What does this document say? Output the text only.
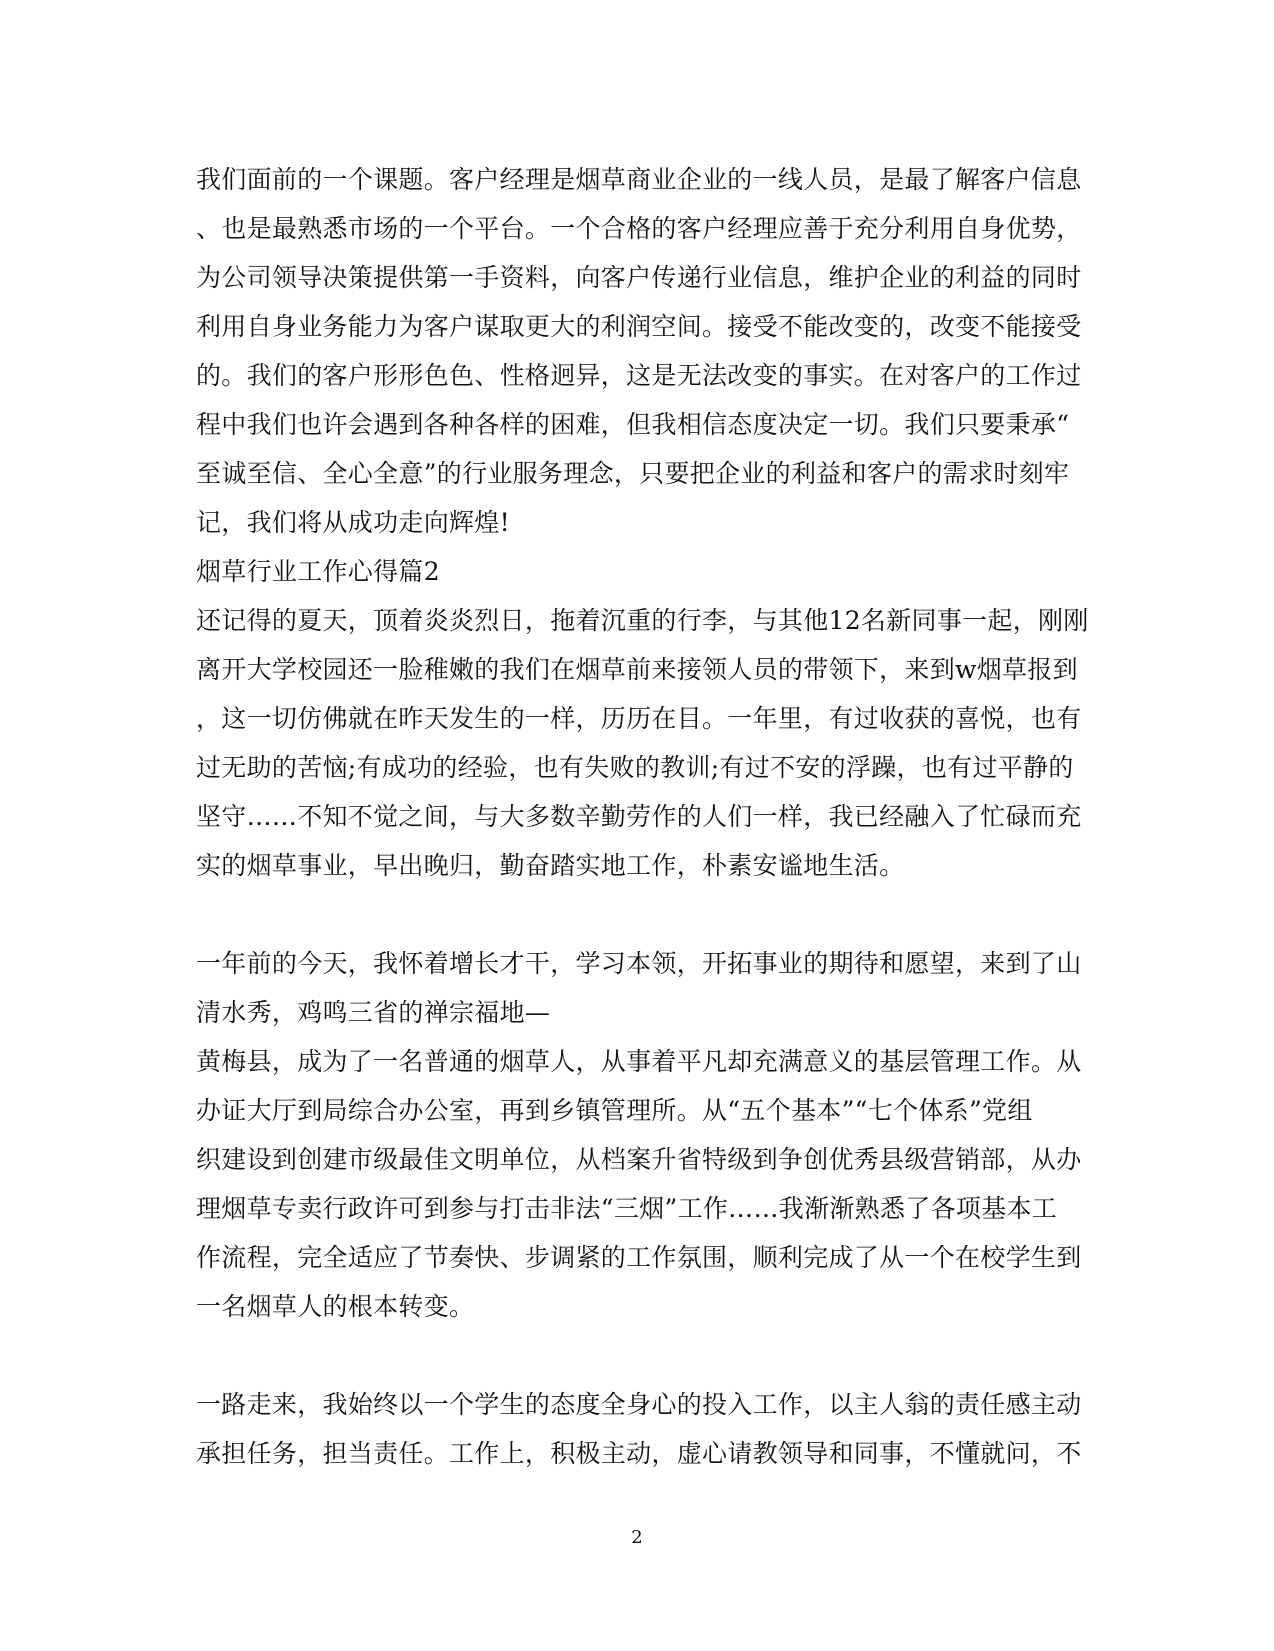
我们面前的一个课题。客户经理是烟草商业企业的一线人员，是最了解客户信息
、也是最熟悉市场的一个平台。一个合格的客户经理应善于充分利用自身优势，
为公司领导决策提供第一手资料，向客户传递行业信息，维护企业的利益的同时
利用自身业务能力为客户谋取更大的利润空间。接受不能改变的，改变不能接受
的。我们的客户形形色色、性格迥异，这是无法改变的事实。在对客户的工作过
程中我们也许会遇到各种各样的困难，但我相信态度决定一切。我们只要秉承“
至诚至信、全心全意”的行业服务理念，只要把企业的利益和客户的需求时刻牢
记，我们将从成功走向辉煌!
烟草行业工作心得篇2
还记得的夏天，顶着炎炎烈日，拖着沉重的行李，与其他12名新同事一起，刚刚
离开大学校园还一脸稚嫩的我们在烟草前来接领人员的带领下，来到w烟草报到
，这一切仿佛就在昨天发生的一样，历历在目。一年里，有过收获的喜悦，也有
过无助的苦恼;有成功的经验，也有失败的教训;有过不安的浮躁，也有过平静的
坚守……不知不觉之间，与大多数辛勤劳作的人们一样，我已经融入了忙碌而充
实的烟草事业，早出晚归，勤奋踏实地工作，朴素安谧地生活。
一年前的今天，我怀着增长才干，学习本领，开拓事业的期待和愿望，来到了山
清水秀，鸡鸣三省的禅宗福地—
黄梅县，成为了一名普通的烟草人，从事着平凡却充满意义的基层管理工作。从
办证大厅到局综合办公室，再到乡镇管理所。从“五个基本”“七个体系”党组
织建设到创建市级最佳文明单位，从档案升省特级到争创优秀县级营销部，从办
理烟草专卖行政许可到参与打击非法“三烟”工作……我渐渐熟悉了各项基本工
作流程，完全适应了节奏快、步调紧的工作氛围，顺利完成了从一个在校学生到
一名烟草人的根本转变。
一路走来，我始终以一个学生的态度全身心的投入工作，以主人翁的责任感主动
承担任务，担当责任。工作上，积极主动，虚心请教领导和同事，不懂就问，不
2
